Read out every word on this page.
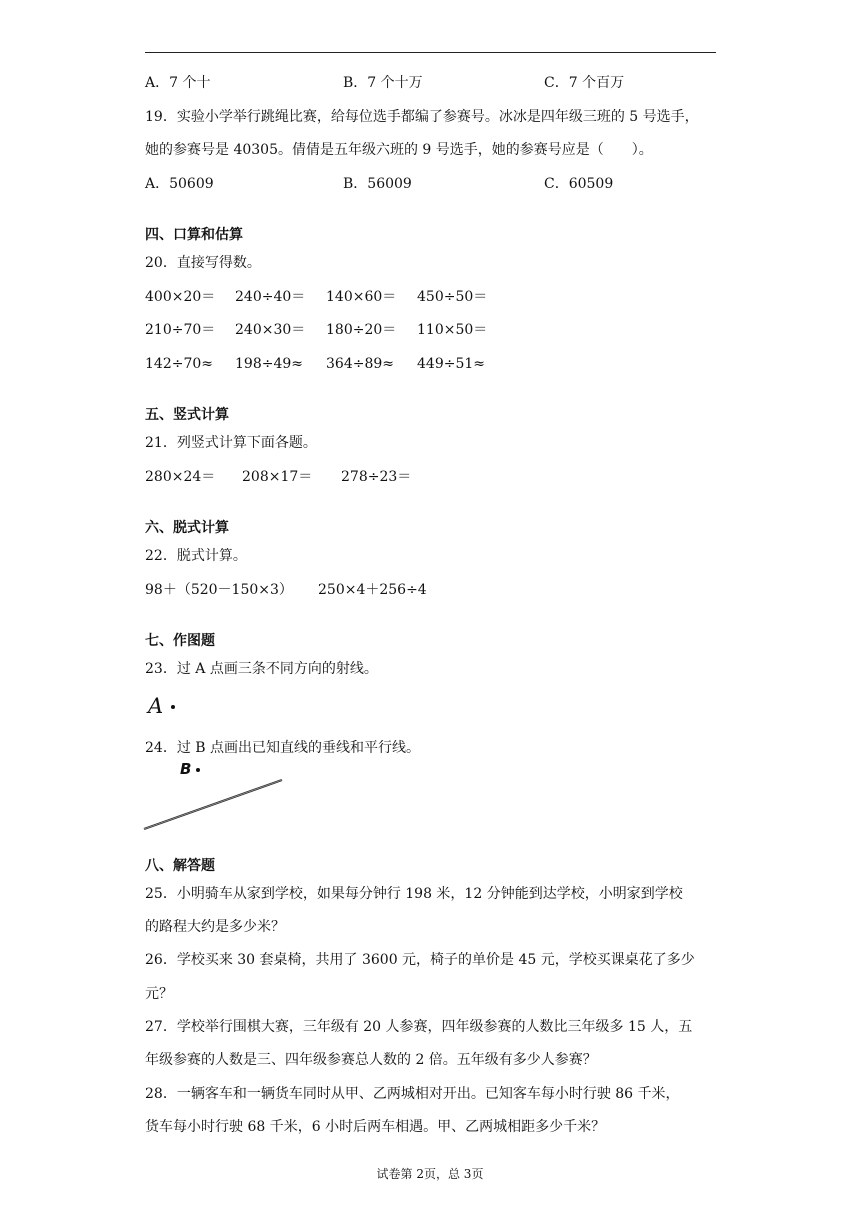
A．7 个十	B．7 个十万	C．7 个百万
19．实验小学举行跳绳比赛，给每位选手都编了参赛号。冰冰是四年级三班的 5 号选手，
她的参赛号是 40305。倩倩是五年级六班的 9 号选手，她的参赛号应是（　　）。
A．50609	B．56009	C．60509
四、口算和估算
20．直接写得数。
400×20＝ 240÷40＝ 140×60＝ 450÷50＝
210÷70＝ 240×30＝ 180÷20＝ 110×50＝
142÷70≈ 198÷49≈ 364÷89≈ 449÷51≈
五、竖式计算
21．列竖式计算下面各题。
280×24＝ 208×17＝ 278÷23＝
六、脱式计算
22．脱式计算。
98＋（520－150×3） 250×4＋256÷4
七、作图题
23．过 A 点画三条不同方向的射线。
A
24．过 B 点画出已知直线的垂线和平行线。
B
八、解答题
25．小明骑车从家到学校，如果每分钟行 198 米，12 分钟能到达学校，小明家到学校
的路程大约是多少米？
26．学校买来 30 套桌椅，共用了 3600 元，椅子的单价是 45 元，学校买课桌花了多少
元？
27．学校举行围棋大赛，三年级有 20 人参赛，四年级参赛的人数比三年级多 15 人，五
年级参赛的人数是三、四年级参赛总人数的 2 倍。五年级有多少人参赛？
28．一辆客车和一辆货车同时从甲、乙两城相对开出。已知客车每小时行驶 86 千米，
货车每小时行驶 68 千米，6 小时后两车相遇。甲、乙两城相距多少千米？
试卷第 2页，总 3页
